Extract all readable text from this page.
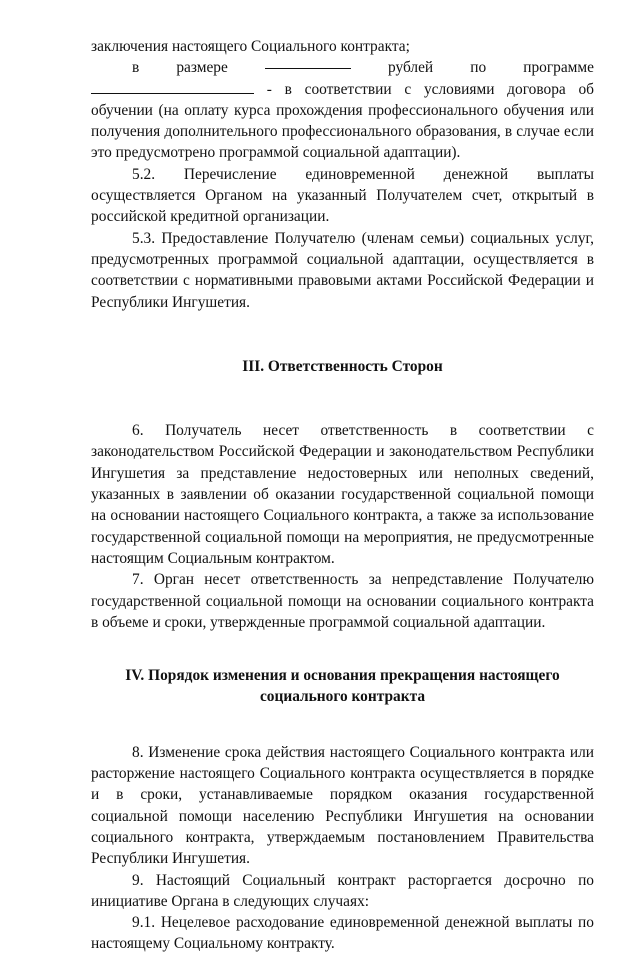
заключения настоящего Социального контракта;

в размере	рублей по программе

- в соответствии с условиями договора об

обучении (на оплату курса прохождения профессионального обучения или получения дополнительного профессионального образования, в случае если это предусмотрено программой социальной адаптации).

5.2. Перечисление единовременной денежной выплаты осуществляется Органом на указанный Получателем счет, открытый в российской кредитной организации.

5.3. Предоставление Получателю (членам семьи) социальных услуг, предусмотренных программой социальной адаптации, осуществляется в соответствии с нормативными правовыми актами Российской Федерации и Республики Ингушетия.

III. Ответственность Сторон

6. Получатель несет ответственность в соответствии с законодательством Российской Федерации и законодательством Республики Ингушетия за представление недостоверных или неполных сведений, указанных в заявлении об оказании государственной социальной помощи на основании настоящего Социального контракта, а также за использование государственной социальной помощи на мероприятия, не предусмотренные настоящим Социальным контрактом.

7. Орган несет ответственность за непредставление Получателю государственной социальной помощи на основании социального контракта в объеме и сроки, утвержденные программой социальной адаптации.

IV. Порядок изменения и основания прекращения настоящего

социального контракта

8. Изменение срока действия настоящего Социального контракта или расторжение настоящего Социального контракта осуществляется в порядке и в сроки, устанавливаемые порядком оказания государственной социальной помощи населению Республики Ингушетия на основании социального контракта, утверждаемым постановлением Правительства Республики Ингушетия.

9. Настоящий Социальный контракт расторгается досрочно по инициативе Органа в следующих случаях:

9.1. Нецелевое расходование единовременной денежной выплаты по настоящему Социальному контракту.
